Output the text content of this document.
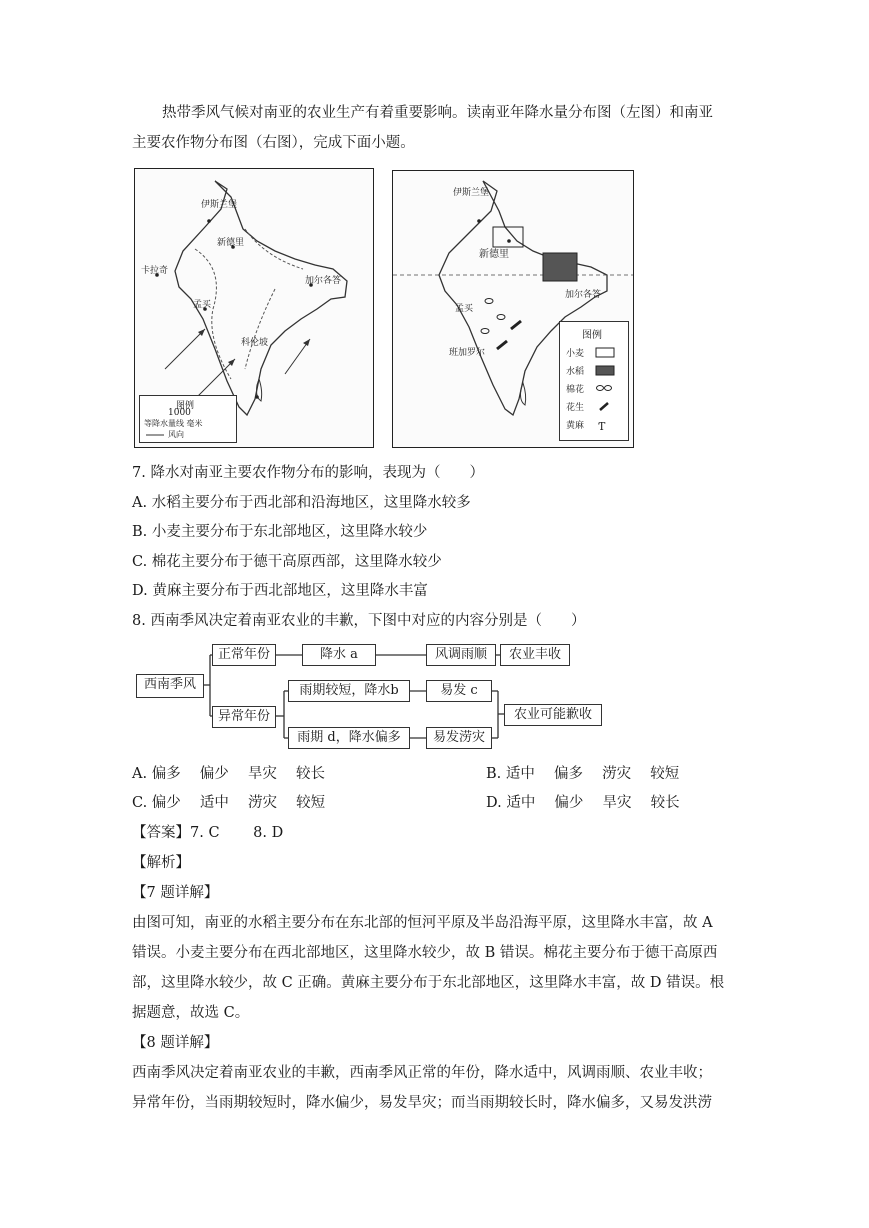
热带季风气候对南亚的农业生产有着重要影响。读南亚年降水量分布图（左图）和南亚
主要农作物分布图（右图），完成下面小题。
伊斯兰堡
新德里
卡拉奇
加尔各答
孟买
科伦坡
图例
1000
等降水量线 毫米
风向
伊斯兰堡
新德里
加尔各答
孟买
班加罗尔
图例
小麦
水稻
棉花
花生
黄麻 Ƭ
7. 降水对南亚主要农作物分布的影响，表现为（　　）
A. 水稻主要分布于西北部和沿海地区，这里降水较多
B. 小麦主要分布于东北部地区，这里降水较少
C. 棉花主要分布于德干高原西部，这里降水较少
D. 黄麻主要分布于西北部地区，这里降水丰富
8. 西南季风决定着南亚农业的丰歉，下图中对应的内容分别是（　　）
西南季风
正常年份
异常年份
降水 a	风调雨顺	农业丰收
雨期较短，降水b	易发 c
雨期 d，降水偏多	易发涝灾
农业可能歉收
A. 偏多　 偏少　 旱灾　 较长	B. 适中　 偏多　 涝灾　 较短
C. 偏少　 适中　 涝灾　 较短	D. 适中　 偏少　 旱灾　 较长
【答案】7. C　　 8. D
【解析】
【7 题详解】
由图可知，南亚的水稻主要分布在东北部的恒河平原及半岛沿海平原，这里降水丰富，故 A
错误。小麦主要分布在西北部地区，这里降水较少，故 B 错误。棉花主要分布于德干高原西
部，这里降水较少，故 C 正确。黄麻主要分布于东北部地区，这里降水丰富，故 D 错误。根
据题意，故选 C。
【8 题详解】
西南季风决定着南亚农业的丰歉，西南季风正常的年份，降水适中，风调雨顺、农业丰收；
异常年份，当雨期较短时，降水偏少，易发旱灾；而当雨期较长时，降水偏多，又易发洪涝
